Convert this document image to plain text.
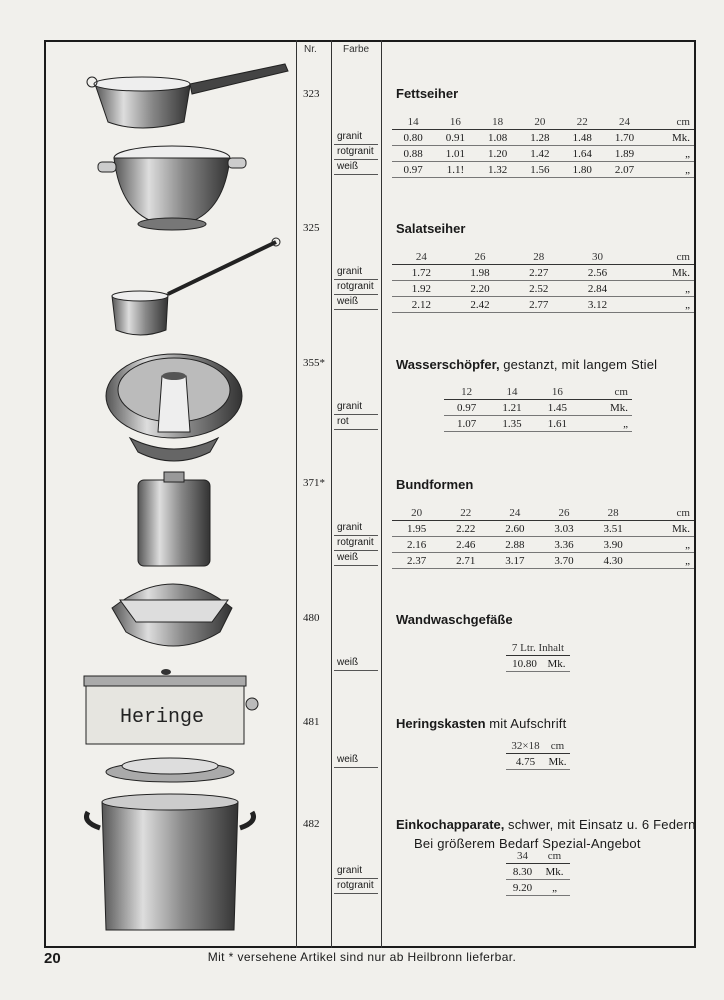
Nr.	Farbe
Heringe
323	Fettseiher
14	16	18	20	22	24	cm
0.80	0.91	1.08	1.28	1.48	1.70	Mk.
0.88	1.01	1.20	1.42	1.64	1.89	„
0.97	1.1!	1.32	1.56	1.80	2.07	„
granit
rotgranit
weiß
325	Salatseiher
24	26	28	30	cm
1.72	1.98	2.27	2.56	Mk.
1.92	2.20	2.52	2.84	„
2.12	2.42	2.77	3.12	„
granit
rotgranit
weiß
355*	Wasserschöpfer, gestanzt, mit langem Stiel
12	14	16	cm
0.97	1.21	1.45	Mk.
1.07	1.35	1.61	„
granit
rot
371*	Bundformen
20	22	24	26	28	cm
1.95	2.22	2.60	3.03	3.51	Mk.
2.16	2.46	2.88	3.36	3.90	„
2.37	2.71	3.17	3.70	4.30	„
granit
rotgranit
weiß
480	Wandwaschgefäße
7 Ltr. Inhalt
10.80	Mk.
weiß
481	Heringskasten mit Aufschrift
32×18	cm
4.75	Mk.
weiß
482	Einkochapparate, schwer, mit Einsatz u. 6 Federn
Bei größerem Bedarf Spezial-Angebot
34	cm
8.30	Mk.
9.20	„
granit
rotgranit
20	Mit * versehene Artikel sind nur ab Heilbronn lieferbar.
